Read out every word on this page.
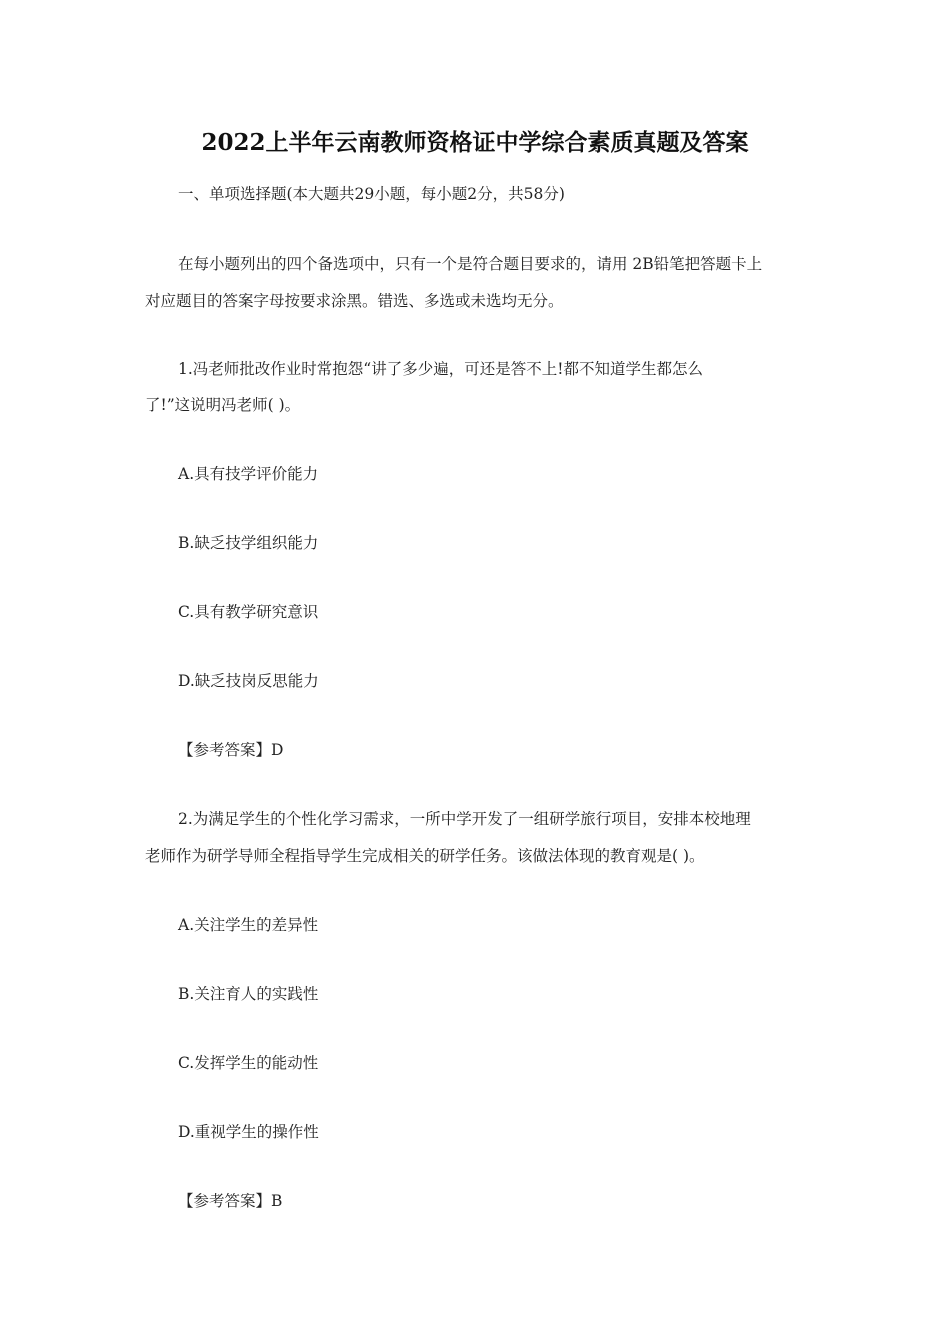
2022上半年云南教师资格证中学综合素质真题及答案
一、单项选择题(本大题共29小题，每小题2分，共58分)
在每小题列出的四个备选项中，只有一个是符合题目要求的，请用 2B铅笔把答题卡上
对应题目的答案字母按要求涂黑。错选、多选或未选均无分。
1.冯老师批改作业时常抱怨“讲了多少遍，可还是答不上!都不知道学生都怎么
了!”这说明冯老师( )。
A.具有技学评价能力
B.缺乏技学组织能力
C.具有教学研究意识
D.缺乏技岗反思能力
【参考答案】D
2.为满足学生的个性化学习需求，一所中学开发了一组研学旅行项目，安排本校地理
老师作为研学导师全程指导学生完成相关的研学任务。该做法体现的教育观是( )。
A.关注学生的差异性
B.关注育人的实践性
C.发挥学生的能动性
D.重视学生的操作性
【参考答案】B
